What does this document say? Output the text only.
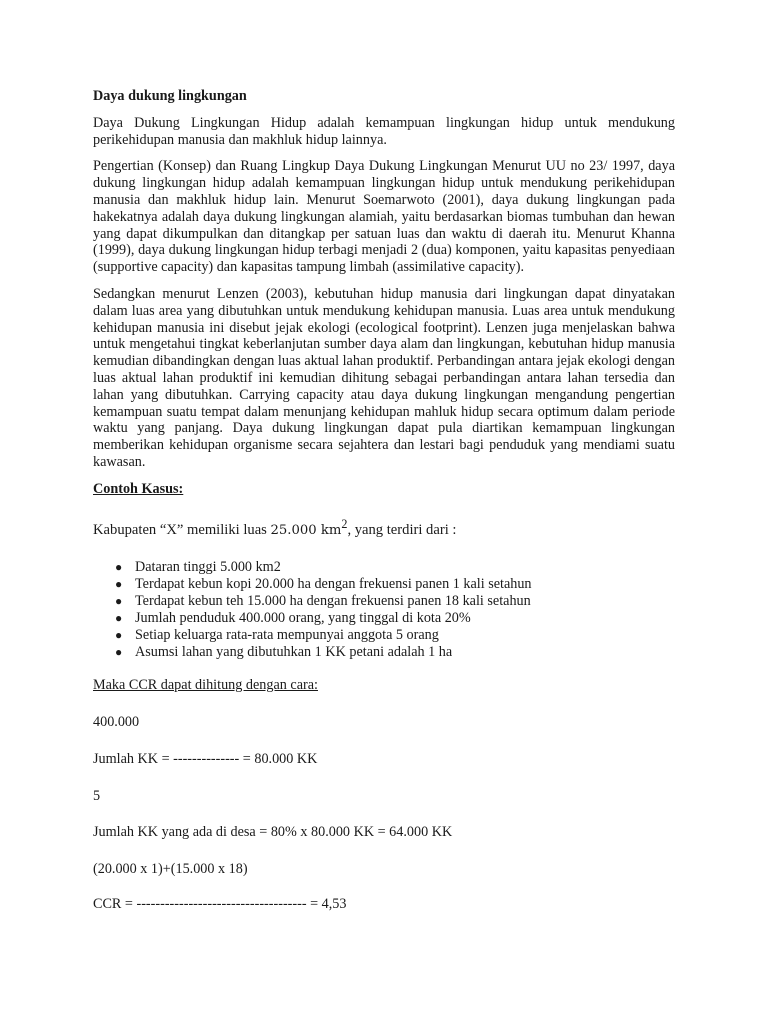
Daya dukung lingkungan

Daya Dukung Lingkungan Hidup adalah kemampuan lingkungan hidup untuk mendukung perikehidupan manusia dan makhluk hidup lainnya.

Pengertian (Konsep) dan Ruang Lingkup Daya Dukung Lingkungan Menurut UU no 23/ 1997, daya dukung lingkungan hidup adalah kemampuan lingkungan hidup untuk mendukung perikehidupan manusia dan makhluk hidup lain. Menurut Soemarwoto (2001), daya dukung lingkungan pada hakekatnya adalah daya dukung lingkungan alamiah, yaitu berdasarkan biomas tumbuhan dan hewan yang dapat dikumpulkan dan ditangkap per satuan luas dan waktu di daerah itu. Menurut Khanna (1999), daya dukung lingkungan hidup terbagi menjadi 2 (dua) komponen, yaitu kapasitas penyediaan (supportive capacity) dan kapasitas tampung limbah (assimilative capacity).

Sedangkan menurut Lenzen (2003), kebutuhan hidup manusia dari lingkungan dapat dinyatakan dalam luas area yang dibutuhkan untuk mendukung kehidupan manusia. Luas area untuk mendukung kehidupan manusia ini disebut jejak ekologi (ecological footprint). Lenzen juga menjelaskan bahwa untuk mengetahui tingkat keberlanjutan sumber daya alam dan lingkungan, kebutuhan hidup manusia kemudian dibandingkan dengan luas aktual lahan produktif. Perbandingan antara jejak ekologi dengan luas aktual lahan produktif ini kemudian dihitung sebagai perbandingan antara lahan tersedia dan lahan yang dibutuhkan. Carrying capacity atau daya dukung lingkungan mengandung pengertian kemampuan suatu tempat dalam menunjang kehidupan mahluk hidup secara optimum dalam periode waktu yang panjang. Daya dukung lingkungan dapat pula diartikan kemampuan lingkungan memberikan kehidupan organisme secara sejahtera dan lestari bagi penduduk yang mendiami suatu kawasan.

Contoh Kasus:
Kabupaten “X” memiliki luas 25.000 $km^2$, yang terdiri dari :
● Dataran tinggi 5.000 km2
● Terdapat kebun kopi 20.000 ha dengan frekuensi panen 1 kali setahun
● Terdapat kebun teh 15.000 ha dengan frekuensi panen 18 kali setahun
● Jumlah penduduk 400.000 orang, yang tinggal di kota 20%
● Setiap keluarga rata-rata mempunyai anggota 5 orang
● Asumsi lahan yang dibutuhkan 1 KK petani adalah 1 ha
Maka CCR dapat dihitung dengan cara:
400.000
Jumlah KK = -------------- = 80.000 KK
5
Jumlah KK yang ada di desa = 80% x 80.000 KK = 64.000 KK
(20.000 x 1)+(15.000 x 18)
CCR = ------------------------------------ = 4,53
